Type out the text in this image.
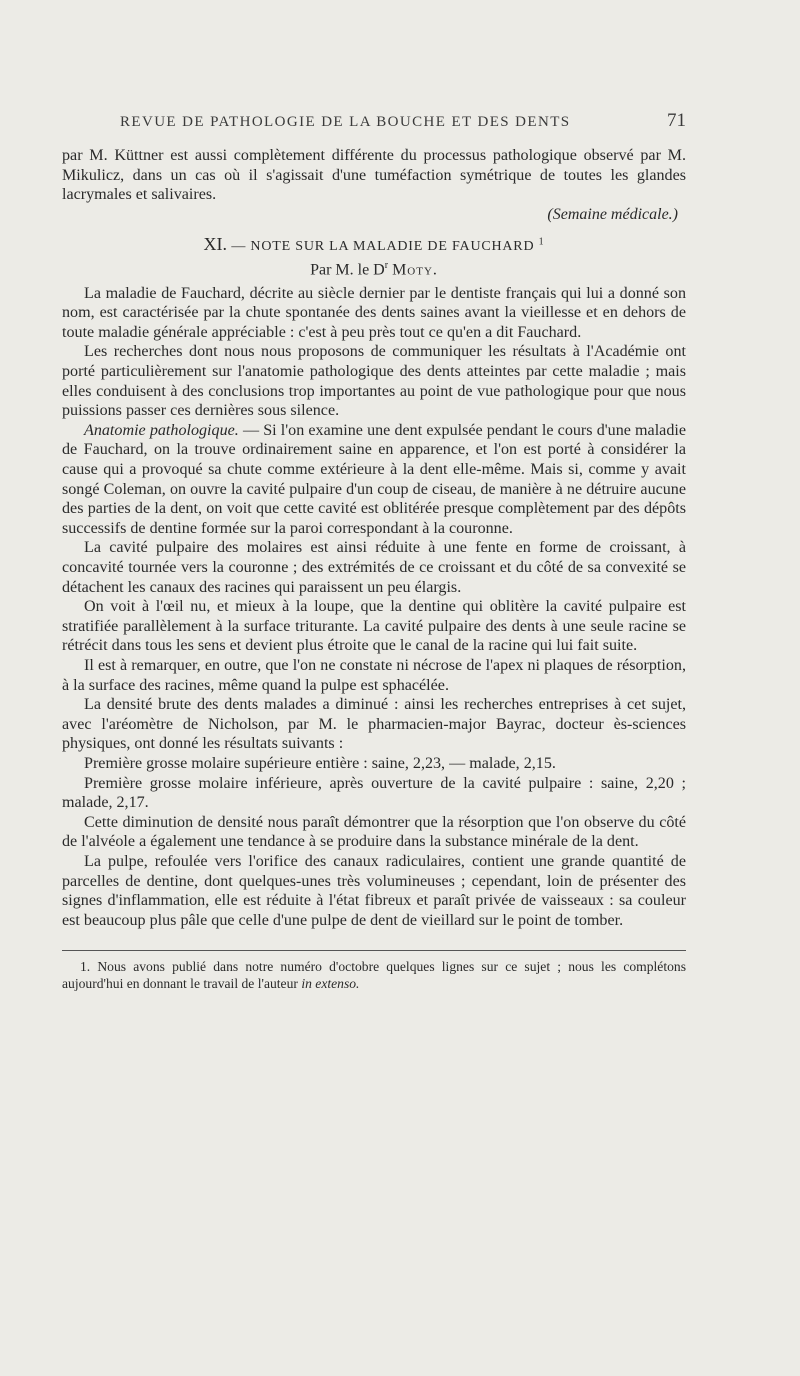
REVUE DE PATHOLOGIE DE LA BOUCHE ET DES DENTS	71

par M. Küttner est aussi complètement différente du processus pathologique observé par M. Mikulicz, dans un cas où il s'agissait d'une tuméfaction symétrique de toutes les glandes lacrymales et salivaires.

(Semaine médicale.)
XI. — NOTE SUR LA MALADIE DE FAUCHARD $^1$
Par M. le $D^r$ Moty.

La maladie de Fauchard, décrite au siècle dernier par le dentiste français qui lui a donné son nom, est caractérisée par la chute spontanée des dents saines avant la vieillesse et en dehors de toute maladie générale appréciable : c'est à peu près tout ce qu'en a dit Fauchard.

Les recherches dont nous nous proposons de communiquer les résultats à l'Académie ont porté particulièrement sur l'anatomie pathologique des dents atteintes par cette maladie ; mais elles conduisent à des conclusions trop importantes au point de vue pathologique pour que nous puissions passer ces dernières sous silence.

Anatomie pathologique. — Si l'on examine une dent expulsée pendant le cours d'une maladie de Fauchard, on la trouve ordinairement saine en apparence, et l'on est porté à considérer la cause qui a provoqué sa chute comme extérieure à la dent elle-même. Mais si, comme y avait songé Coleman, on ouvre la cavité pulpaire d'un coup de ciseau, de manière à ne détruire aucune des parties de la dent, on voit que cette cavité est oblitérée presque complètement par des dépôts successifs de dentine formée sur la paroi correspondant à la couronne.

La cavité pulpaire des molaires est ainsi réduite à une fente en forme de croissant, à concavité tournée vers la couronne ; des extrémités de ce croissant et du côté de sa convexité se détachent les canaux des racines qui paraissent un peu élargis.

On voit à l'œil nu, et mieux à la loupe, que la dentine qui oblitère la cavité pulpaire est stratifiée parallèlement à la surface triturante. La cavité pulpaire des dents à une seule racine se rétrécit dans tous les sens et devient plus étroite que le canal de la racine qui lui fait suite.

Il est à remarquer, en outre, que l'on ne constate ni nécrose de l'apex ni plaques de résorption, à la surface des racines, même quand la pulpe est sphacélée.

La densité brute des dents malades a diminué : ainsi les recherches entreprises à cet sujet, avec l'aréomètre de Nicholson, par M. le pharmacien-major Bayrac, docteur ès-sciences physiques, ont donné les résultats suivants :

Première grosse molaire supérieure entière : saine, 2,23, — malade, 2,15.

Première grosse molaire inférieure, après ouverture de la cavité pulpaire : saine, 2,20 ; malade, 2,17.

Cette diminution de densité nous paraît démontrer que la résorption que l'on observe du côté de l'alvéole a également une tendance à se produire dans la substance minérale de la dent.

La pulpe, refoulée vers l'orifice des canaux radiculaires, contient une grande quantité de parcelles de dentine, dont quelques-unes très volumineuses ; cependant, loin de présenter des signes d'inflammation, elle est réduite à l'état fibreux et paraît privée de vaisseaux : sa couleur est beaucoup plus pâle que celle d'une pulpe de dent de vieillard sur le point de tomber.

1. Nous avons publié dans notre numéro d'octobre quelques lignes sur ce sujet ; nous les complétons aujourd'hui en donnant le travail de l'auteur in extenso.
